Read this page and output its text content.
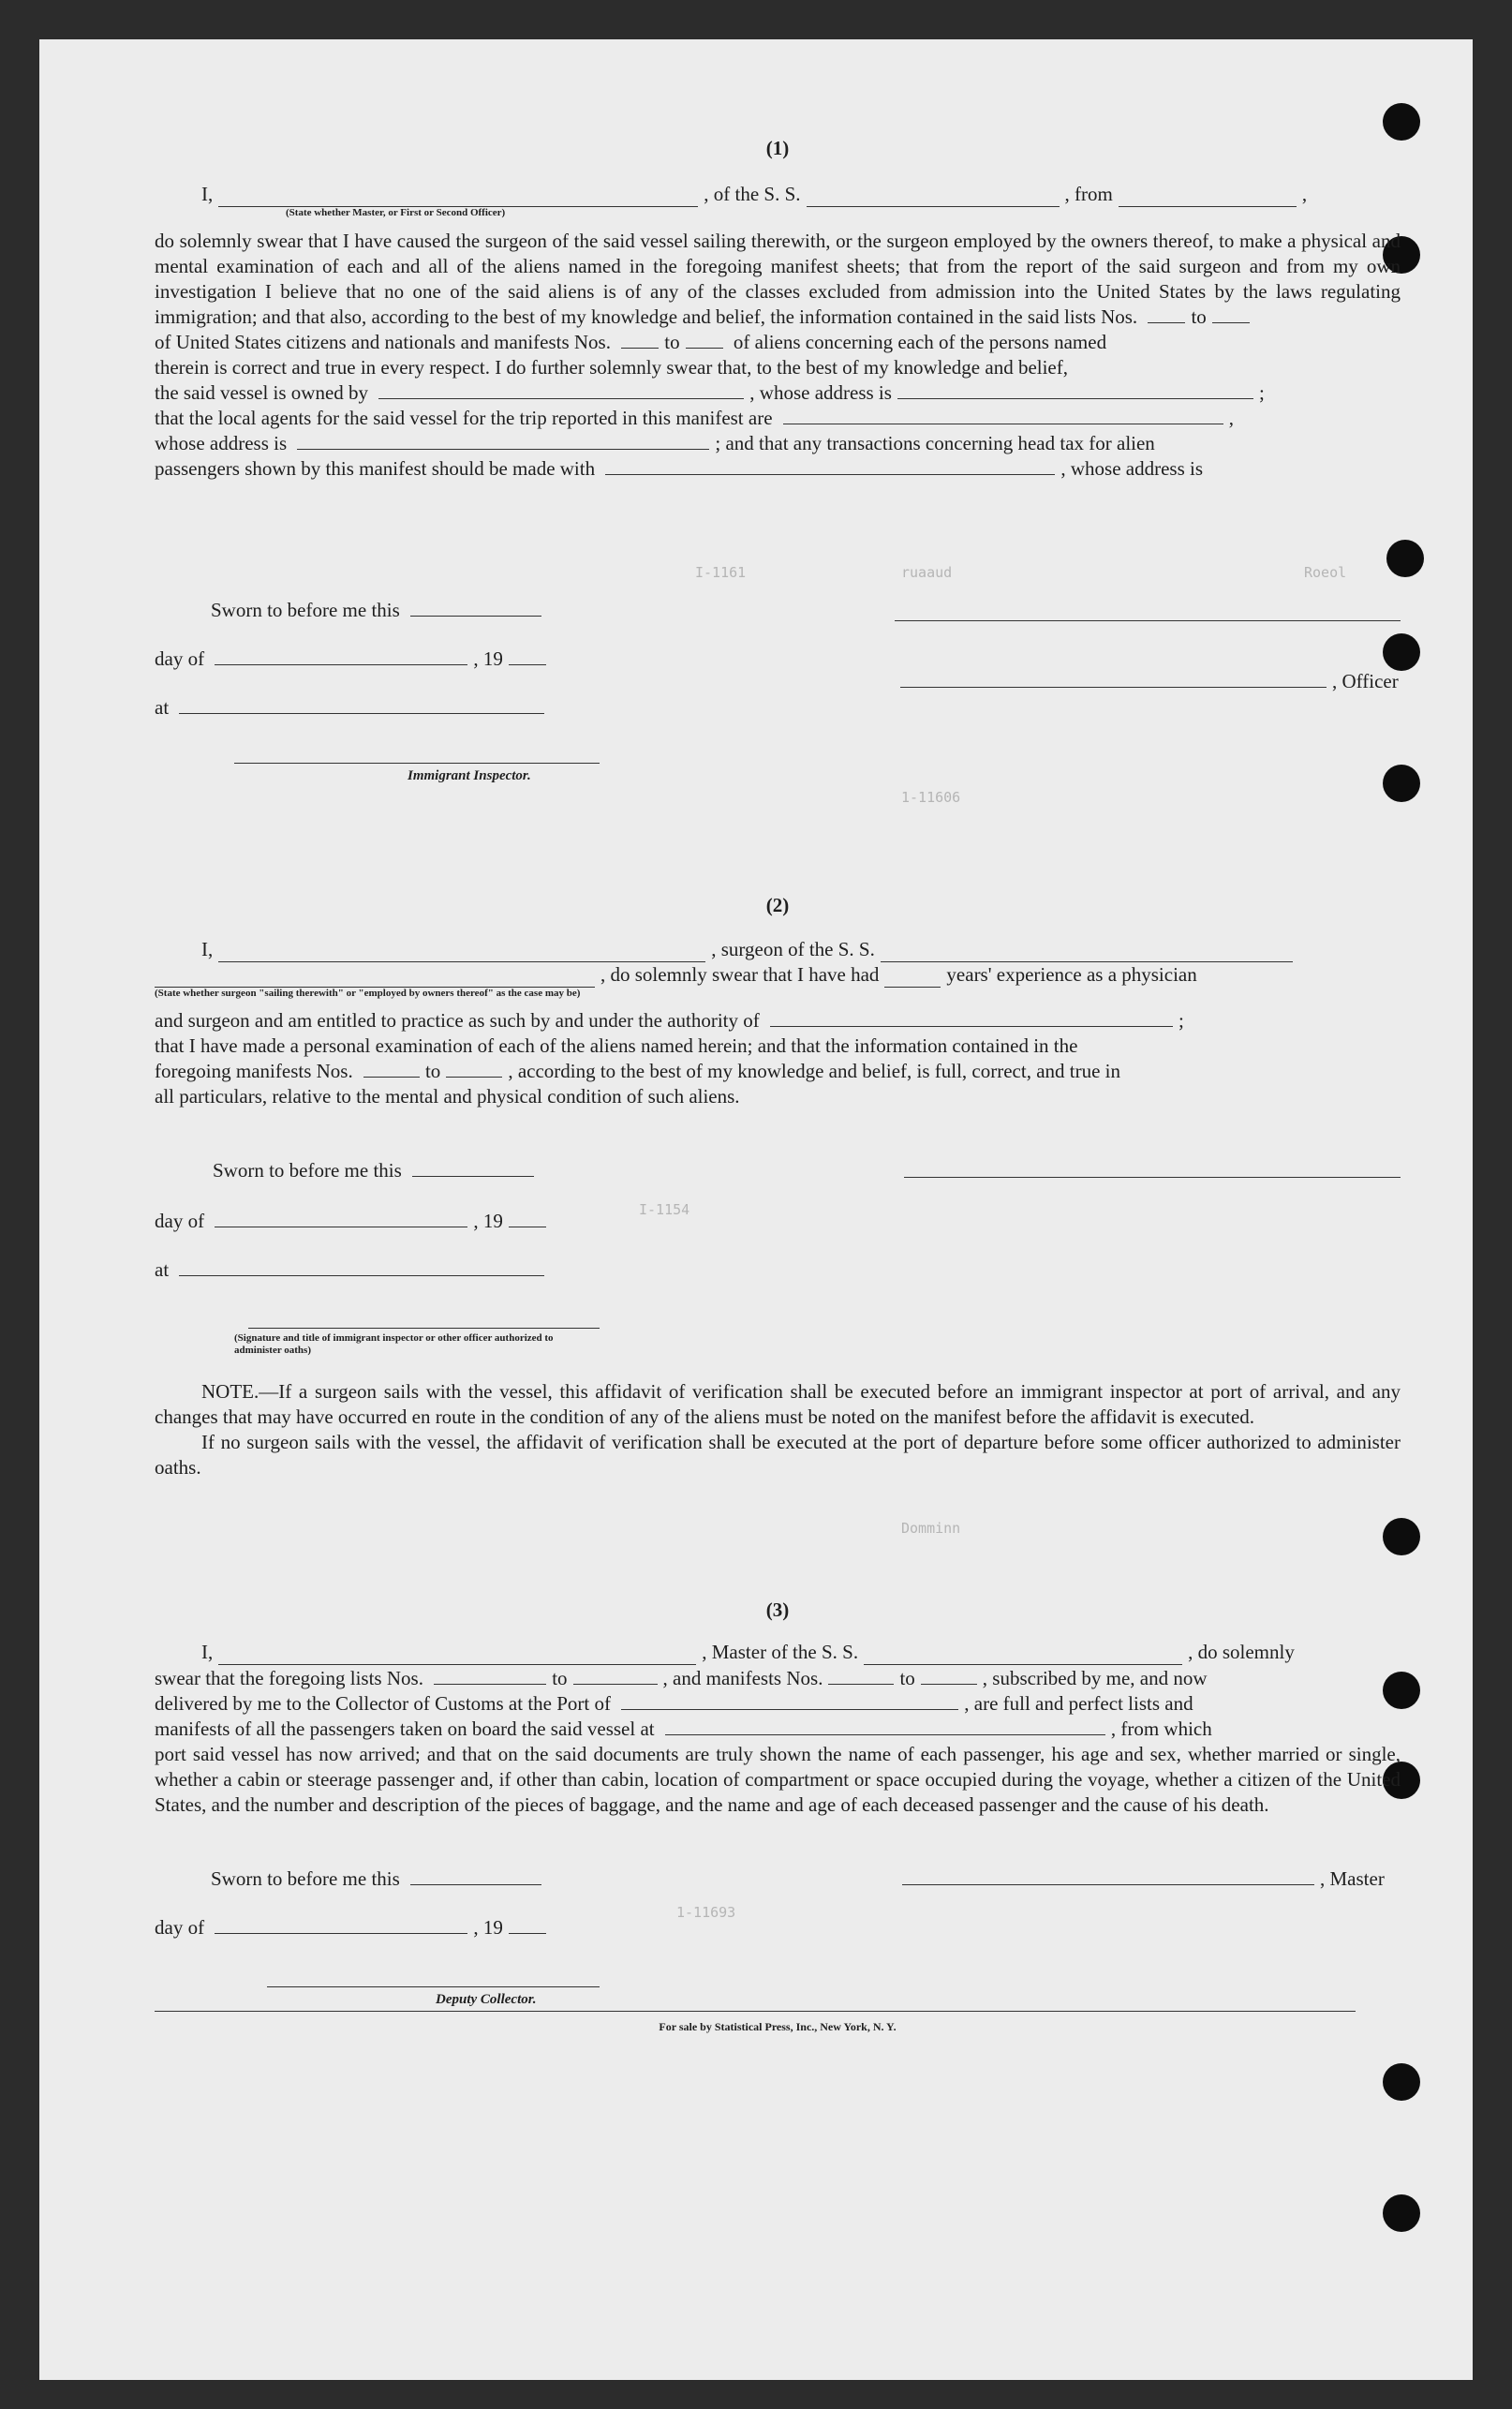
(1)
I,	, of the S. S.	, from	,
(State whether Master, or First or Second Officer)
do solemnly swear that I have caused the surgeon of the said vessel sailing therewith, or the surgeon employed by the owners thereof, to make a physical and mental examination of each and all of the aliens named in the foregoing manifest sheets; that from the report of the said surgeon and from my own investigation I believe that no one of the said aliens is of any of the classes excluded from admission into the United States by the laws regulating immigration; and that also, according to the best of my knowledge and belief, the information contained in the said lists Nos.	to
of United States citizens and nationals and manifests Nos.	to	of aliens concerning each of the persons named
therein is correct and true in every respect. I do further solemnly swear that, to the best of my knowledge and belief,
the said vessel is owned by	, whose address is	;
that the local agents for the said vessel for the trip reported in this manifest are	,
whose address is	; and that any transactions concerning head tax for alien
passengers shown by this manifest should be made with	, whose address is
Sworn to before me this
day of	, 19
at
Immigrant Inspector.
, Officer
I-1161	ruaaud	Roeol
1-11606
I-1154
Domminn
1-11693
(2)
I,	, surgeon of the S. S.
, do solemnly swear that I have had	years' experience as a physician
(State whether surgeon "sailing therewith" or "employed by owners thereof" as the case may be)
and surgeon and am entitled to practice as such by and under the authority of	;
that I have made a personal examination of each of the aliens named herein; and that the information contained in the
foregoing manifests Nos.	to	, according to the best of my knowledge and belief, is full, correct, and true in
all particulars, relative to the mental and physical condition of such aliens.
Sworn to before me this
day of	, 19
at
(Signature and title of immigrant inspector or other officer authorized to administer oaths)
NOTE.—If a surgeon sails with the vessel, this affidavit of verification shall be executed before an immigrant inspector at port of arrival, and any changes that may have occurred en route in the condition of any of the aliens must be noted on the manifest before the affidavit is executed.
If no surgeon sails with the vessel, the affidavit of verification shall be executed at the port of departure before some officer authorized to administer oaths.
(3)
I,	, Master of the S. S.	, do solemnly
swear that the foregoing lists Nos.	to	, and manifests Nos.	to	, subscribed by me, and now
delivered by me to the Collector of Customs at the Port of	, are full and perfect lists and
manifests of all the passengers taken on board the said vessel at	, from which
port said vessel has now arrived; and that on the said documents are truly shown the name of each passenger, his age and sex, whether married or single, whether a cabin or steerage passenger and, if other than cabin, location of compartment or space occupied during the voyage, whether a citizen of the United States, and the number and description of the pieces of baggage, and the name and age of each deceased passenger and the cause of his death.
Sworn to before me this
day of	, 19
Deputy Collector.
, Master
For sale by Statistical Press, Inc., New York, N. Y.
